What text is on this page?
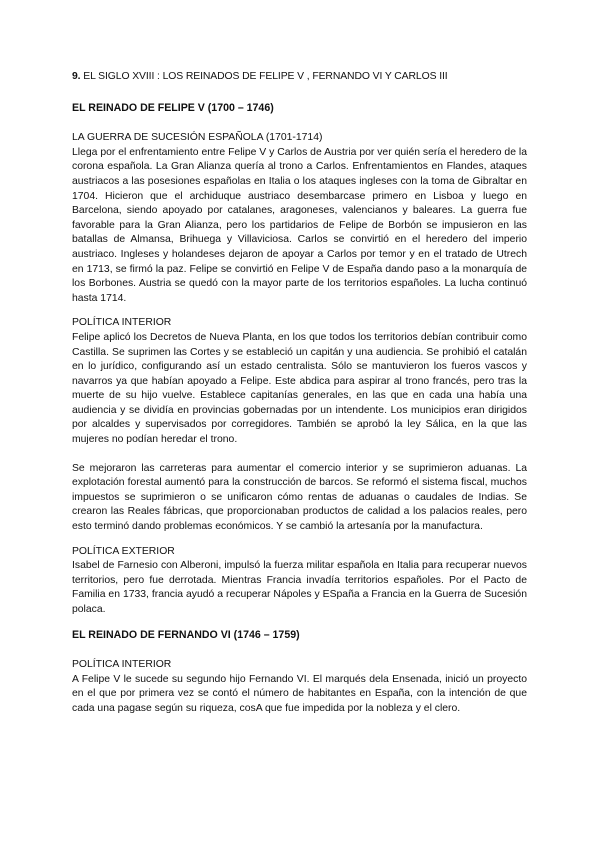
9. EL SIGLO XVIII : LOS REINADOS DE FELIPE V , FERNANDO VI Y CARLOS III
EL REINADO DE FELIPE V (1700 – 1746)
LA GUERRA DE SUCESIÓN ESPAÑOLA (1701-1714)

Llega por el enfrentamiento entre Felipe V y Carlos de Austria por ver quién sería el heredero de la corona española. La Gran Alianza quería al trono a Carlos. Enfrentamientos en Flandes, ataques austriacos a las posesiones españolas en Italia o los ataques ingleses con la toma de Gibraltar en 1704. Hicieron que el archiduque austriaco desembarcase primero en Lisboa y luego en Barcelona, siendo apoyado por catalanes, aragoneses, valencianos y baleares. La guerra fue favorable para la Gran Alianza, pero los partidarios de Felipe de Borbón se impusieron en las batallas de Almansa, Brihuega y Villaviciosa. Carlos se convirtió en el heredero del imperio austriaco. Ingleses y holandeses dejaron de apoyar a Carlos por temor y en el tratado de Utrech en 1713, se firmó la paz. Felipe se convirtió en Felipe V de España dando paso a la monarquía de los Borbones. Austria se quedó con la mayor parte de los territorios españoles. La lucha continuó hasta 1714.

POLÍTICA INTERIOR

Felipe aplicó los Decretos de Nueva Planta, en los que todos los territorios debían contribuir como Castilla. Se suprimen las Cortes y se estableció un capitán y una audiencia. Se prohibió el catalán en lo jurídico, configurando así un estado centralista. Sólo se mantuvieron los fueros vascos y navarros ya que habían apoyado a Felipe. Este abdica para aspirar al trono francés, pero tras la muerte de su hijo vuelve. Establece capitanías generales, en las que en cada una había una audiencia y se dividía en provincias gobernadas por un intendente. Los municipios eran dirigidos por alcaldes y supervisados por corregidores. También se aprobó la ley Sálica, en la que las mujeres no podían heredar el trono.

Se mejoraron las carreteras para aumentar el comercio interior y se suprimieron aduanas. La explotación forestal aumentó para la construcción de barcos. Se reformó el sistema fiscal, muchos impuestos se suprimieron o se unificaron cómo rentas de aduanas o caudales de Indias. Se crearon las Reales fábricas, que proporcionaban productos de calidad a los palacios reales, pero esto terminó dando problemas económicos. Y se cambió la artesanía por la manufactura.

POLÍTICA EXTERIOR

Isabel de Farnesio con Alberoni, impulsó la fuerza militar española en Italia para recuperar nuevos territorios, pero fue derrotada. Mientras Francia invadía territorios españoles. Por el Pacto de Familia en 1733, francia ayudó a recuperar Nápoles y ESpaña a Francia en la Guerra de Sucesión polaca.

EL REINADO DE FERNANDO VI (1746 – 1759)
POLÍTICA INTERIOR

A Felipe V le sucede su segundo hijo Fernando VI. El marqués dela Ensenada, inició un proyecto en el que por primera vez se contó el número de habitantes en España, con la intención de que cada una pagase según su riqueza, cosA que fue impedida por la nobleza y el clero.
